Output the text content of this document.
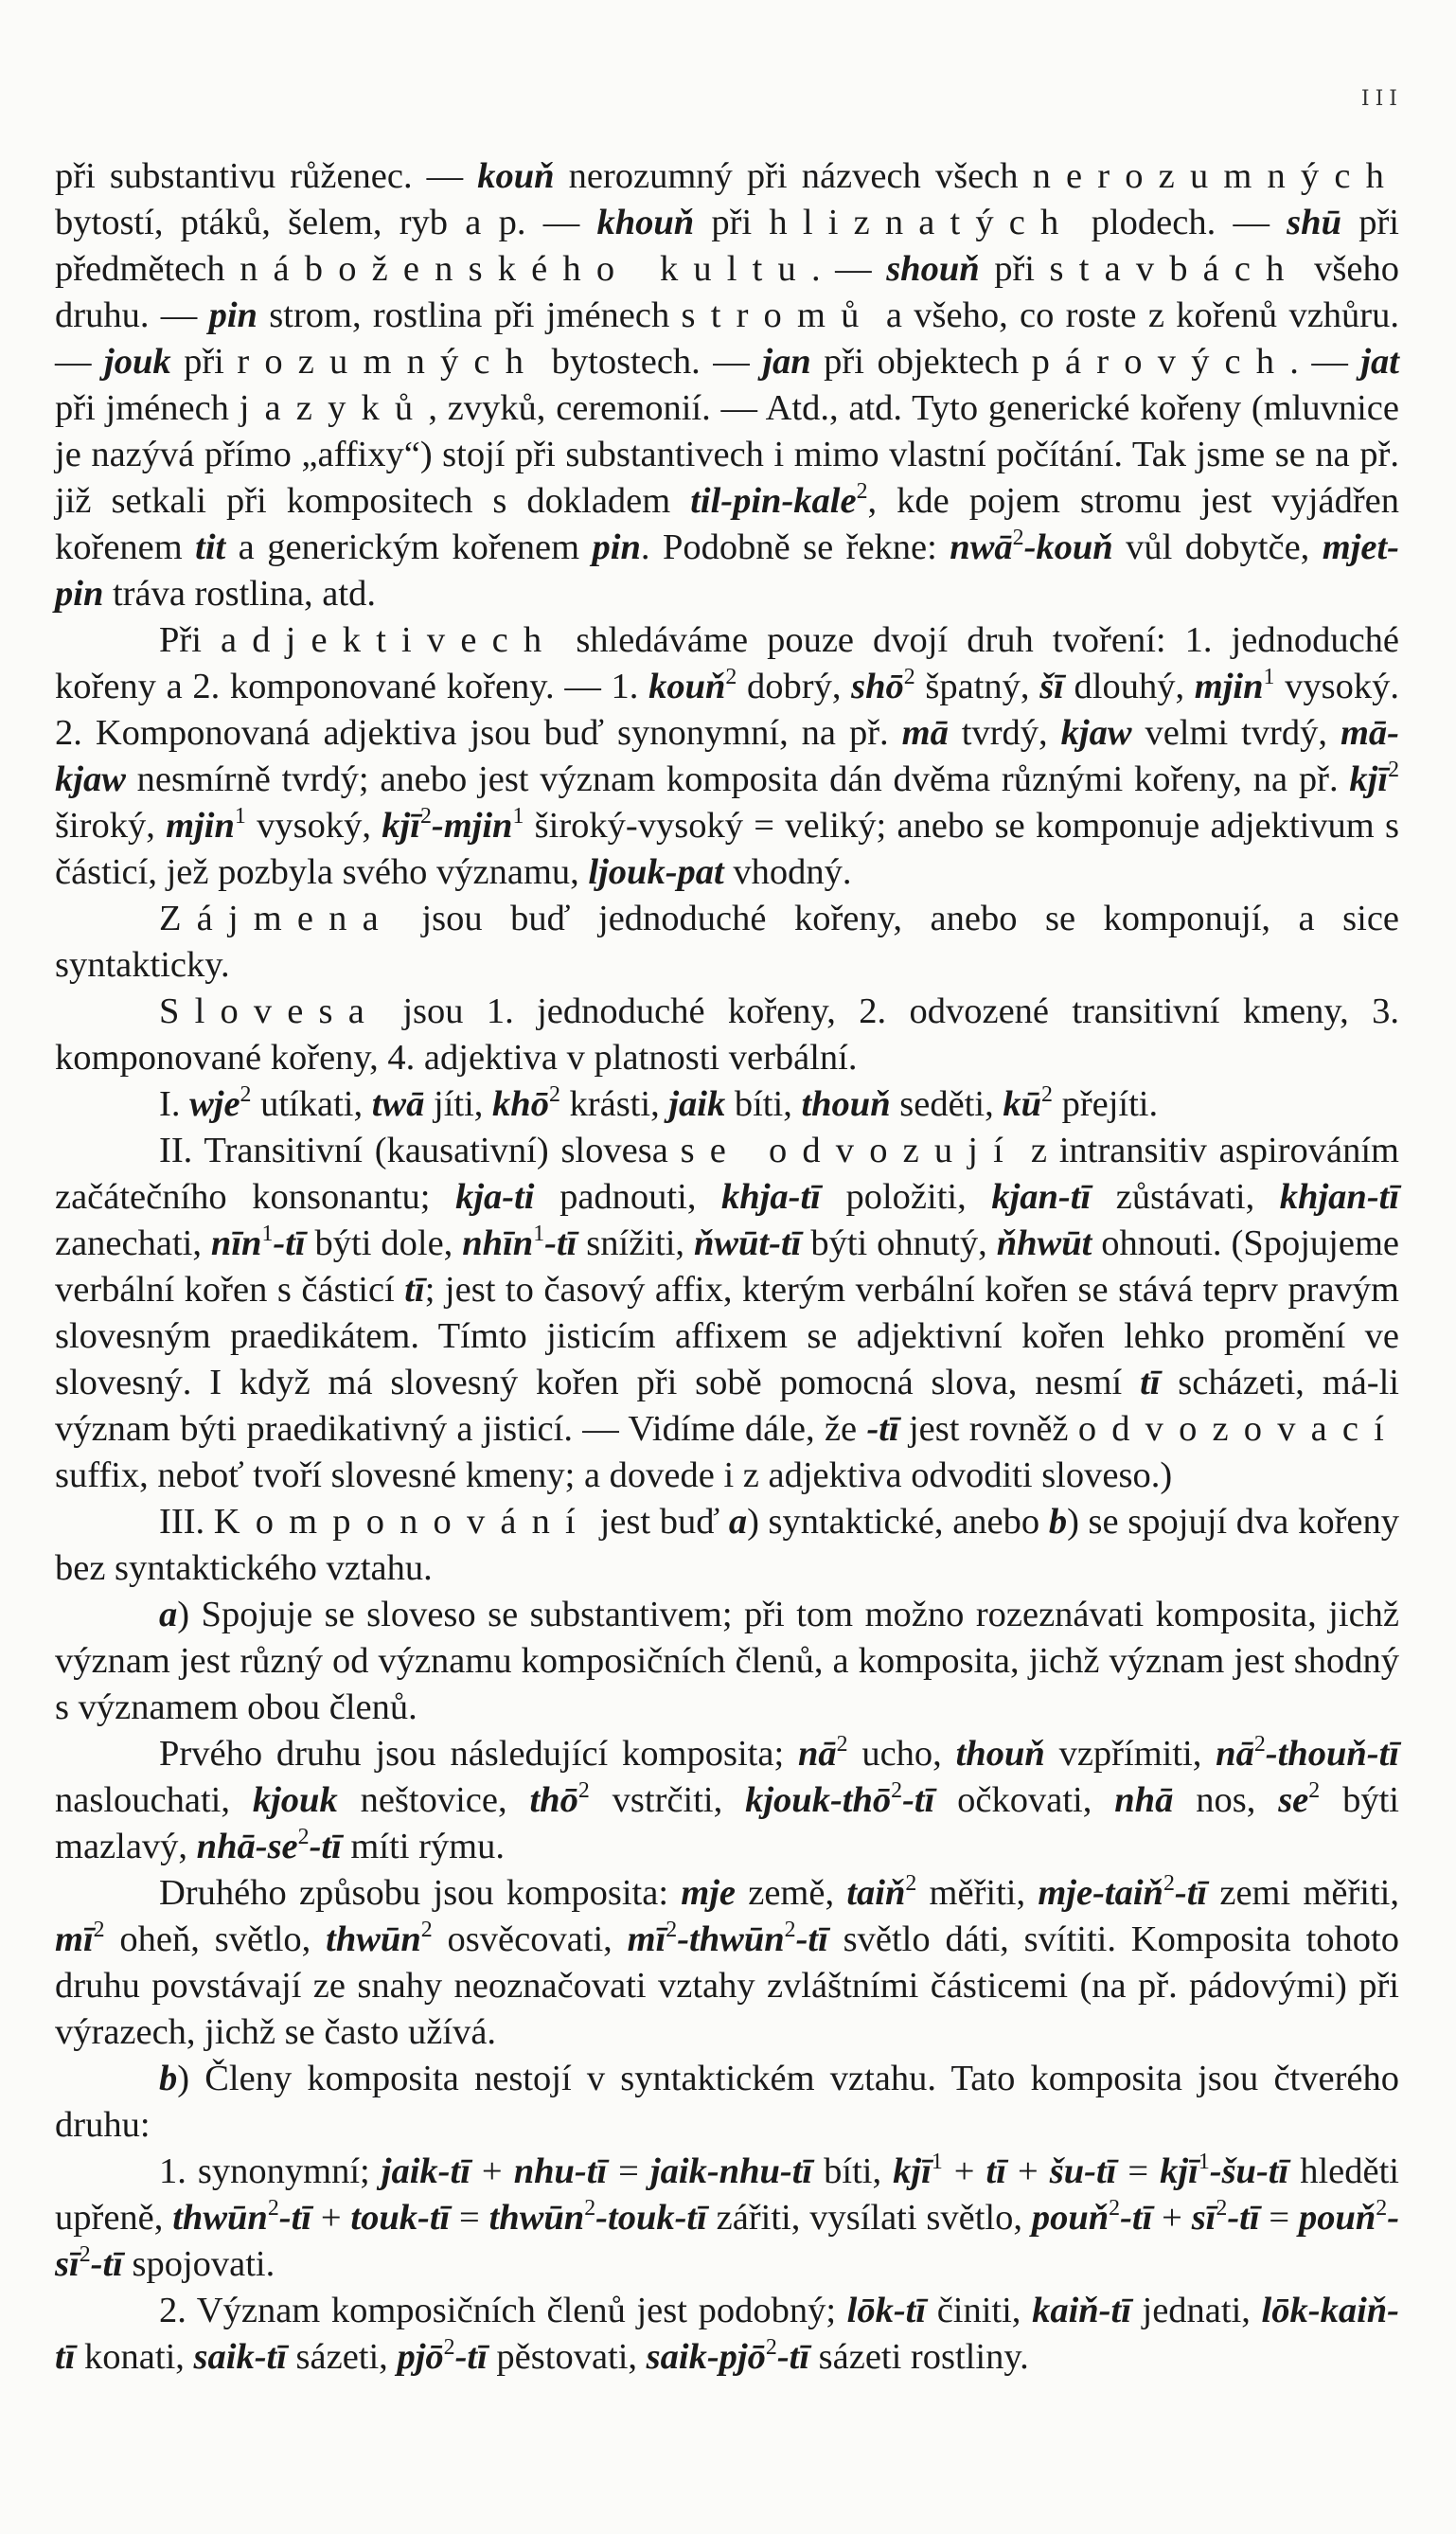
III

při substantivu růženec. — kouň nerozumný při názvech všech nerozumných bytostí, ptáků, šelem, ryb a p. — khouň při hliznatých plodech. — shū při předmětech náboženského kultu. — shouň při stavbách všeho druhu. — pin strom, rostlina při jménech stromů a všeho, co roste z kořenů vzhůru. — jouk při rozumných bytostech. — jan při objektech párových. — jat při jménech jazyků, zvyků, ceremonií. — Atd., atd. Tyto generické kořeny (mluvnice je nazývá přímo „affixy“) stojí při substantivech i mimo vlastní počítání. Tak jsme se na př. již setkali při kompositech s dokladem til-pin-kale$^2$, kde pojem stromu jest vyjádřen kořenem tit a generickým kořenem pin. Podobně se řekne: nwā$^2$-kouň vůl dobytče, mjet-pin tráva rostlina, atd.

Při adjektivech shledáváme pouze dvojí druh tvoření: 1. jednoduché kořeny a 2. komponované kořeny. — 1. kouň$^2$ dobrý, shō$^2$ špatný, šī dlouhý, mjin$^1$ vysoký. 2. Komponovaná adjektiva jsou buď synonymní, na př. mā tvrdý, kjaw velmi tvrdý, mā-kjaw nesmírně tvrdý; anebo jest význam komposita dán dvěma různými kořeny, na př. kjī$^2$ široký, mjin$^1$ vysoký, kjī$^2$-mjin$^1$ široký-vysoký = veliký; anebo se komponuje adjektivum s částicí, jež pozbyla svého významu, ljouk-pat vhodný.

Zájmena jsou buď jednoduché kořeny, anebo se komponují, a sice syntakticky.

Slovesa jsou 1. jednoduché kořeny, 2. odvozené transitivní kmeny, 3. komponované kořeny, 4. adjektiva v platnosti verbální.

I. wje$^2$ utíkati, twā jíti, khō$^2$ krásti, jaik bíti, thouň seděti, $kū^2$ přejíti.

II. Transitivní (kausativní) slovesa se odvozují z intransitiv aspirováním začátečního konsonantu; kja-ti padnouti, khja-tī položiti, kjan-tī zůstávati, khjan-tī zanechati, nīn$^1$-tī býti dole, nhīn$^1$-tī snížiti, ňwūt-tī býti ohnutý, ňhwūt ohnouti. (Spojujeme verbální kořen s částicí tī; jest to časový affix, kterým verbální kořen se stává teprv pravým slovesným praedikátem. Tímto jisticím affixem se adjektivní kořen lehko promění ve slovesný. I když má slovesný kořen při sobě pomocná slova, nesmí tī scházeti, má-li význam býti praedikativný a jisticí. — Vidíme dále, že -tī jest rovněž odvozovací suffix, neboť tvoří slovesné kmeny; a dovede i z adjektiva odvoditi sloveso.)

III. Komponování jest buď a) syntaktické, anebo b) se spojují dva kořeny bez syntaktického vztahu.

a) Spojuje se sloveso se substantivem; při tom možno rozeznávati komposita, jichž význam jest různý od významu komposičních členů, a komposita, jichž význam jest shodný s významem obou členů.

Prvého druhu jsou následující komposita; $nā^2$ ucho, thouň vzpřímiti, $nā^2-thouň-tī$ naslouchati, kjouk neštovice, thō$^2$ vstrčiti, kjouk-thō$^2$-tī očkovati, nhā nos, $se^2$ býti mazlavý, nhā-$se^2-tī$ míti rýmu.

Druhého způsobu jsou komposita: mje země, taiň$^2$ měřiti, mje-taiň$^2$-tī zemi měřiti, $mī^2$ oheň, světlo, thwūn$^2$ osvěcovati, $mī^2-thwūn^2-tī$ světlo dáti, svítiti. Komposita tohoto druhu povstávají ze snahy neoznačovati vztahy zvláštními částicemi (na př. pádovými) při výrazech, jichž se často užívá.

b) Členy komposita nestojí v syntaktickém vztahu. Tato komposita jsou čtverého druhu:

1. synonymní; jaik-tī + nhu-tī = jaik-nhu-tī bíti, kjī$^1$ + tī + šu-tī = kjī$^1$-šu-tī hleděti upřeně, thwūn$^2$-tī + touk-tī = thwūn$^2$-touk-tī zářiti, vysílati světlo, pouň$^2$-tī + $sī^2-tī$ = $pouň^2-sī^2-tī$ spojovati.

2. Význam komposičních členů jest podobný; lōk-tī činiti, kaiň-tī jednati, lōk-kaiň-tī konati, saik-tī sázeti, pjō$^2$-tī pěstovati, saik-pjō$^2$-tī sázeti rostliny.
